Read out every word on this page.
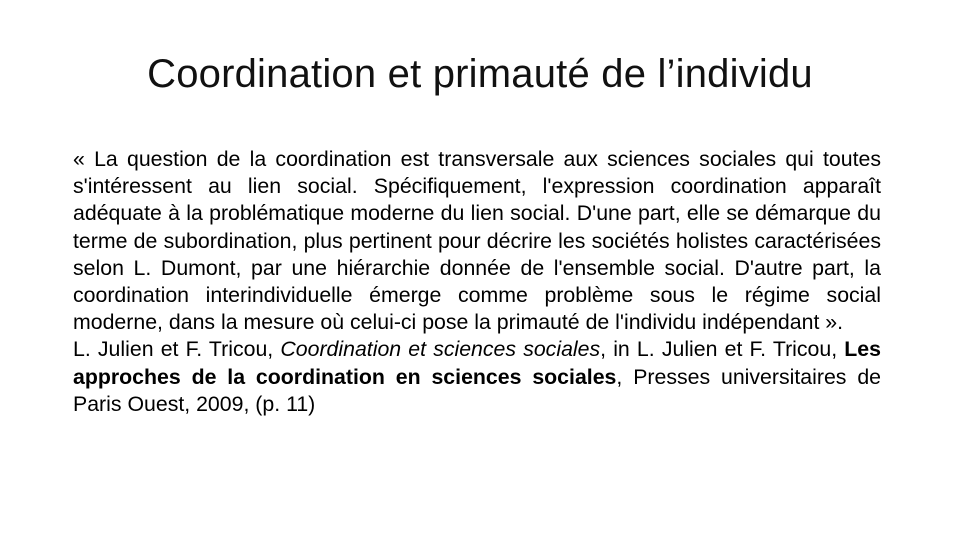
Coordination et primauté de l’individu

« La question de la coordination est transversale aux sciences sociales qui toutes s'intéressent au lien social. Spécifiquement, l'expression coordination apparaît adéquate à la problématique moderne du lien social. D'une part, elle se démarque du terme de subordination, plus pertinent pour décrire les sociétés holistes caractérisées selon L. Dumont, par une hiérarchie donnée de l'ensemble social. D'autre part, la coordination interindividuelle émerge comme problème sous le régime social moderne, dans la mesure où celui-ci pose la primauté de l'individu indépendant ».

L. Julien et F. Tricou, Coordination et sciences sociales, in L. Julien et F. Tricou, Les approches de la coordination en sciences sociales, Presses universitaires de Paris Ouest, 2009, (p. 11)
